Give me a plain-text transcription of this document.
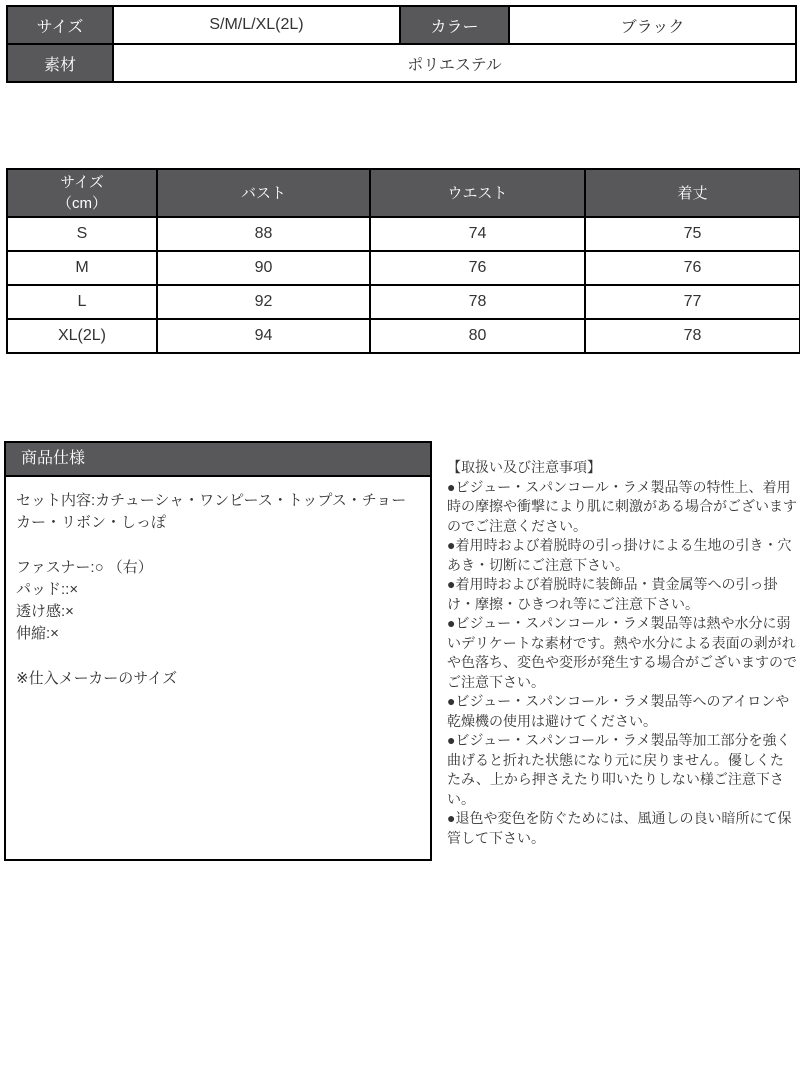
サイズ	S/M/L/XL(2L)	カラー	ブラック
素材	ポリエステル		
サイズ
（cm）	バスト	ウエスト	着丈
S	88	74	75
M	90	76	76
L	92	78	77
XL(2L)	94	80	78
商品仕様

セット内容:カチューシャ・ワンピース・トップス・チョーカー・リボン・しっぽ

ファスナー:○ （右）

パッド::×

透け感:×

伸縮:×

※仕入メーカーのサイズ

【取扱い及び注意事項】

●ビジュー・スパンコール・ラメ製品等の特性上、着用時の摩擦や衝撃により肌に刺激がある場合がございますのでご注意ください。

●着用時および着脱時の引っ掛けによる生地の引き・穴あき・切断にご注意下さい。

●着用時および着脱時に装飾品・貴金属等への引っ掛け・摩擦・ひきつれ等にご注意下さい。

●ビジュー・スパンコール・ラメ製品等は熱や水分に弱いデリケートな素材です。熱や水分による表面の剥がれや色落ち、変色や変形が発生する場合がございますのでご注意下さい。

●ビジュー・スパンコール・ラメ製品等へのアイロンや乾燥機の使用は避けてください。

●ビジュー・スパンコール・ラメ製品等加工部分を強く曲げると折れた状態になり元に戻りません。優しくたたみ、上から押さえたり叩いたりしない様ご注意下さい。

●退色や変色を防ぐためには、風通しの良い暗所にて保管して下さい。
